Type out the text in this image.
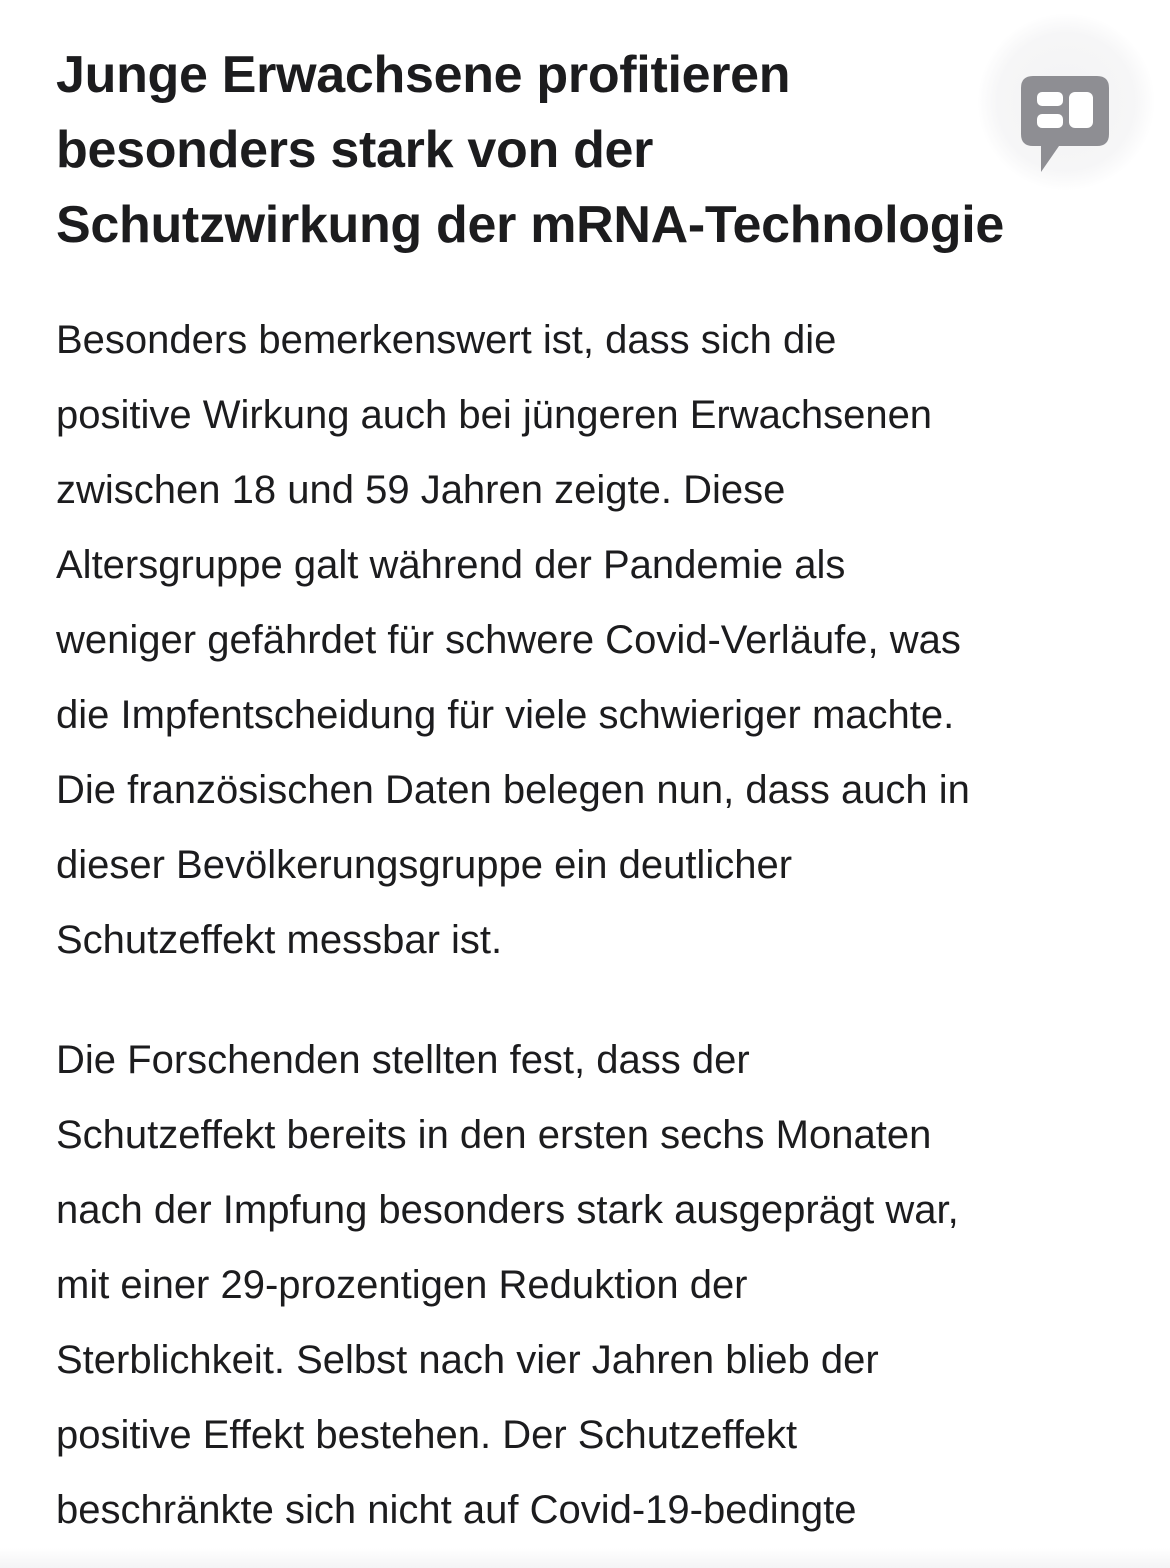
Junge Erwachsene profitieren
besonders stark von der
Schutzwirkung der mRNA-Technologie

Besonders bemerkenswert ist, dass sich die
positive Wirkung auch bei jüngeren Erwachsenen
zwischen 18 und 59 Jahren zeigte. Diese
Altersgruppe galt während der Pandemie als
weniger gefährdet für schwere Covid-Verläufe, was
die Impfentscheidung für viele schwieriger machte.
Die französischen Daten belegen nun, dass auch in
dieser Bevölkerungsgruppe ein deutlicher
Schutzeffekt messbar ist.

Die Forschenden stellten fest, dass der
Schutzeffekt bereits in den ersten sechs Monaten
nach der Impfung besonders stark ausgeprägt war,
mit einer 29-prozentigen Reduktion der
Sterblichkeit. Selbst nach vier Jahren blieb der
positive Effekt bestehen. Der Schutzeffekt
beschränkte sich nicht auf Covid-19-bedingte
